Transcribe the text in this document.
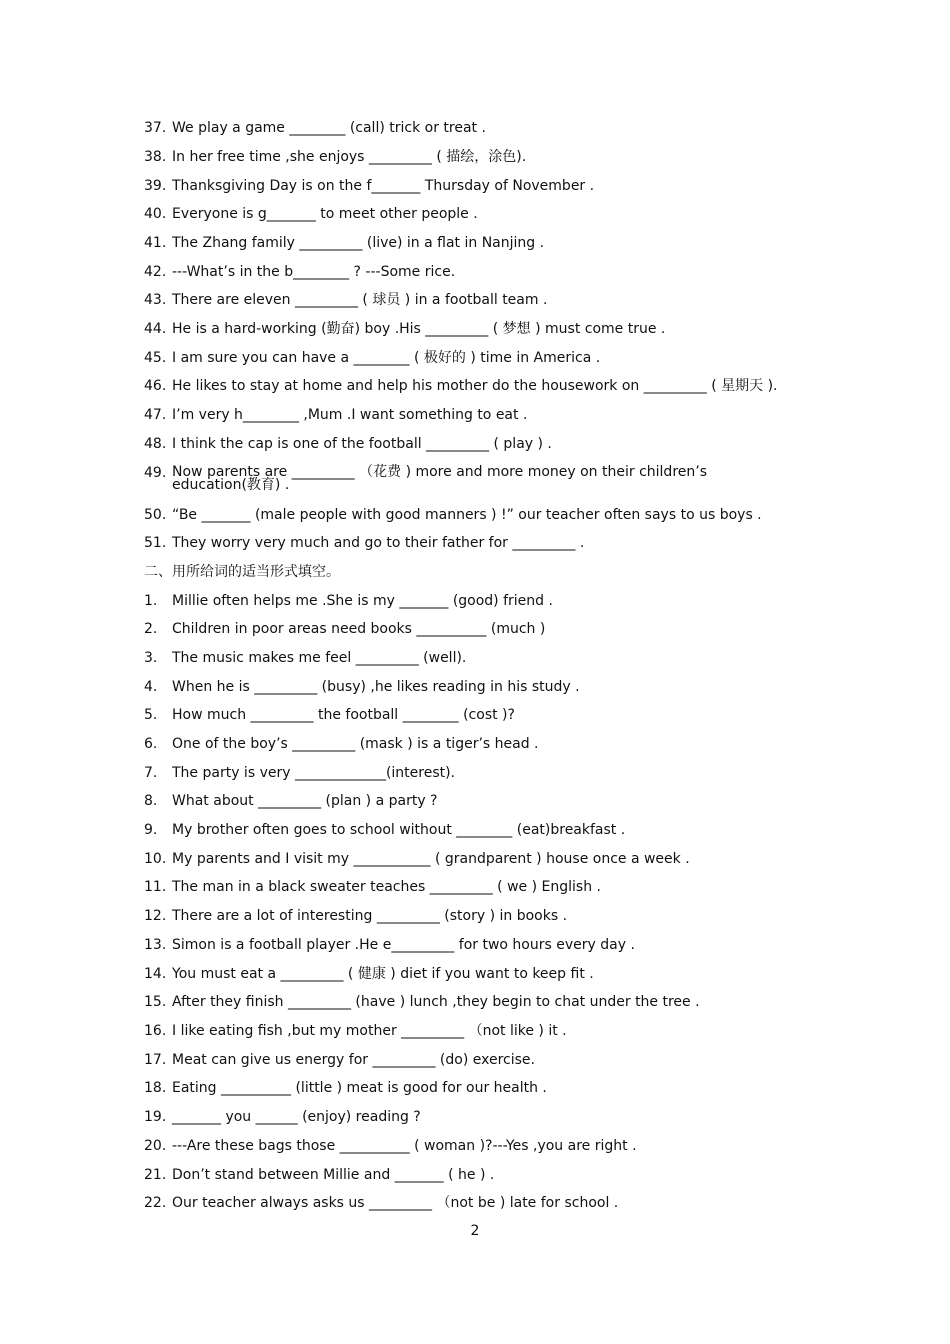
37. We play a game ________ (call) trick or treat .
38. In her free time ,she enjoys _________ ( 描绘，涂色).
39. Thanksgiving Day is on the f_______ Thursday of November .
40. Everyone is g_______ to meet other people .
41. The Zhang family _________ (live) in a flat in Nanjing .
42. ---What’s in the b________ ? ---Some rice.
43. There are eleven _________ ( 球员 ) in a football team .
44. He is a hard-working (勤奋) boy .His _________ ( 梦想 ) must come true .
45. I am sure you can have a ________ ( 极好的 ) time in America .
46. He likes to stay at home and help his mother do the housework on _________ ( 星期天 ).
47. I’m very h________ ,Mum .I want something to eat .
48. I think the cap is one of the football _________ ( play ) .
49. Now parents are _________ （花费 ) more and more money on their children’s education(教育) .
50. “Be _______ (male people with good manners ) !” our teacher often says to us boys .
51. They worry very much and go to their father for _________ .
二、用所给词的适当形式填空。
1. Millie often helps me .She is my _______ (good) friend .
2. Children in poor areas need books __________ (much )
3. The music makes me feel _________ (well).
4. When he is _________ (busy) ,he likes reading in his study .
5. How much _________ the football ________ (cost )?
6. One of the boy’s _________ (mask ) is a tiger’s head .
7. The party is very _____________(interest).
8. What about _________ (plan ) a party ?
9. My brother often goes to school without ________ (eat)breakfast .
10. My parents and I visit my ___________ ( grandparent ) house once a week .
11. The man in a black sweater teaches _________ ( we ) English .
12. There are a lot of interesting _________ (story ) in books .
13. Simon is a football player .He e_________ for two hours every day .
14. You must eat a _________ ( 健康 ) diet if you want to keep fit .
15. After they finish _________ (have ) lunch ,they begin to chat under the tree .
16. I like eating fish ,but my mother _________ （not like ) it .
17. Meat can give us energy for _________ (do) exercise.
18. Eating __________ (little ) meat is good for our health .
19. _______ you ______ (enjoy) reading ?
20. ---Are these bags those __________ ( woman )?---Yes ,you are right .
21. Don’t stand between Millie and _______ ( he ) .
22. Our teacher always asks us _________ （not be ) late for school .
2
